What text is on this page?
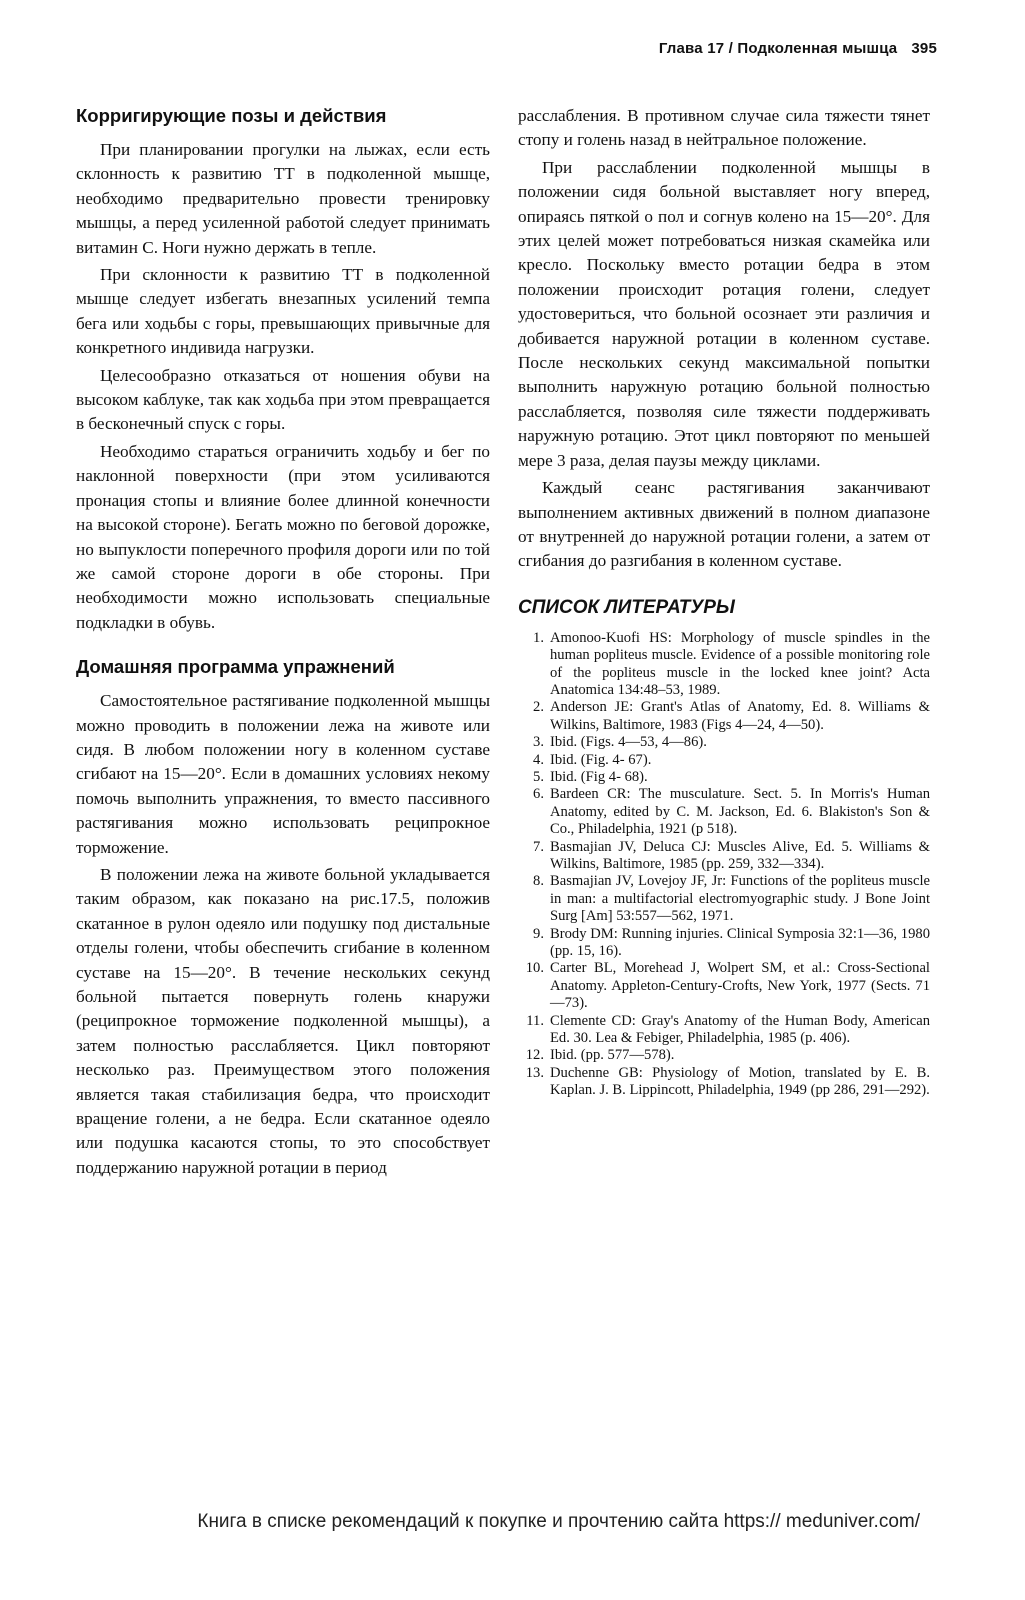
Глава 17 / Подколенная мышца 395
Корригирующие позы и действия

При планировании прогулки на лыжах, если есть склонность к развитию ТТ в подколенной мышце, необходимо предварительно провести тренировку мышцы, а перед усиленной работой следует принимать витамин С. Ноги нужно держать в тепле.

При склонности к развитию ТТ в подколенной мышце следует избегать внезапных усилений темпа бега или ходьбы с горы, превышающих привычные для конкретного индивида нагрузки.

Целесообразно отказаться от ношения обуви на высоком каблуке, так как ходьба при этом превращается в бесконечный спуск с горы.

Необходимо стараться ограничить ходьбу и бег по наклонной поверхности (при этом усиливаются пронация стопы и влияние более длинной конечности на высокой стороне). Бегать можно по беговой дорожке, но выпуклости поперечного профиля дороги или по той же самой стороне дороги в обе стороны. При необходимости можно использовать специальные подкладки в обувь.

Домашняя программа упражнений

Самостоятельное растягивание подколенной мышцы можно проводить в положении лежа на животе или сидя. В любом положении ногу в коленном суставе сгибают на 15—20°. Если в домашних условиях некому помочь выполнить упражнения, то вместо пассивного растягивания можно использовать реципрокное торможение.

В положении лежа на животе больной укладывается таким образом, как показано на рис.17.5, положив скатанное в рулон одеяло или подушку под дистальные отделы голени, чтобы обеспечить сгибание в коленном суставе на 15—20°. В течение нескольких секунд больной пытается повернуть голень кнаружи (реципрокное торможение подколенной мышцы), а затем полностью расслабляется. Цикл повторяют несколько раз. Преимуществом этого положения является такая стабилизация бедра, что происходит вращение голени, а не бедра. Если скатанное одеяло или подушка касаются стопы, то это способствует поддержанию наружной ротации в период

расслабления. В противном случае сила тяжести тянет стопу и голень назад в нейтральное положение.

При расслаблении подколенной мышцы в положении сидя больной выставляет ногу вперед, опираясь пяткой о пол и согнув колено на 15—20°. Для этих целей может потребоваться низкая скамейка или кресло. Поскольку вместо ротации бедра в этом положении происходит ротация голени, следует удостовериться, что больной осознает эти различия и добивается наружной ротации в коленном суставе. После нескольких секунд максимальной попытки выполнить наружную ротацию больной полностью расслабляется, позволяя силе тяжести поддерживать наружную ротацию. Этот цикл повторяют по меньшей мере 3 раза, делая паузы между циклами.

Каждый сеанс растягивания заканчивают выполнением активных движений в полном диапазоне от внутренней до наружной ротации голени, а затем от сгибания до разгибания в коленном суставе.

СПИСОК ЛИТЕРАТУРЫ
1. Amonoo-Kuofi HS: Morphology of muscle spindles in the human popliteus muscle. Evidence of a possible monitoring role of the popliteus muscle in the locked knee joint? Acta Anatomica 134:48–53, 1989.
2. Anderson JE: Grant's Atlas of Anatomy, Ed. 8. Williams & Wilkins, Baltimore, 1983 (Figs 4—24, 4—50).
3. Ibid. (Figs. 4—53, 4—86).
4. Ibid. (Fig. 4- 67).
5. Ibid. (Fig 4- 68).
6. Bardeen CR: The musculature. Sect. 5. In Morris's Human Anatomy, edited by C. M. Jackson, Ed. 6. Blakiston's Son & Co., Philadelphia, 1921 (p 518).
7. Basmajian JV, Deluca CJ: Muscles Alive, Ed. 5. Williams & Wilkins, Baltimore, 1985 (pp. 259, 332—334).
8. Basmajian JV, Lovejoy JF, Jr: Functions of the popliteus muscle in man: a multifactorial electromyographic study. J Bone Joint Surg [Am] 53:557—562, 1971.
9. Brody DM: Running injuries. Clinical Symposia 32:1—36, 1980 (pp. 15, 16).
10. Carter BL, Morehead J, Wolpert SM, et al.: Cross-Sectional Anatomy. Appleton-Century-Crofts, New York, 1977 (Sects. 71—73).
11. Clemente CD: Gray's Anatomy of the Human Body, American Ed. 30. Lea & Febiger, Philadelphia, 1985 (p. 406).
12. Ibid. (pp. 577—578).
13. Duchenne GB: Physiology of Motion, translated by E. B. Kaplan. J. B. Lippincott, Philadelphia, 1949 (pp 286, 291—292).
Книга в списке рекомендаций к покупке и прочтению сайта https:// meduniver.com/
